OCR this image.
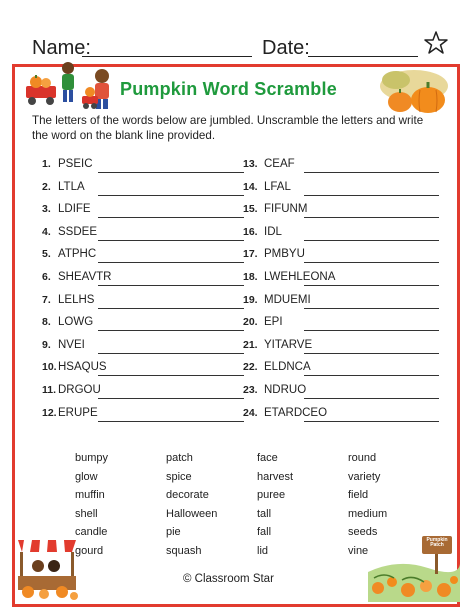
Name:	Date:
Pumpkin Word Scramble
The letters of the words below are jumbled. Unscramble the letters and write the word on the blank line provided.
1. PSEIC
2. LTLA
3. LDIFE
4. SSDEE
5. ATPHC
6. SHEAVTR
7. LELHS
8. LOWG
9. NVEI
10. HSAQUS
11. DRGOU
12. ERUPE
13. CEAF
14. LFAL
15. FIFUNM
16. IDL
17. PMBYU
18. LWEHLEONA
19. MDUEMI
20. EPI
21. YITARVE
22. ELDNCA
23. NDRUO
24. ETARDCEO
bumpy
glow
muffin
shell
candle
gourd
patch
spice
decorate
Halloween
pie
squash
face
harvest
puree
tall
fall
lid
round
variety
field
medium
seeds
vine
Pumpkin Patch
© Classroom Star
